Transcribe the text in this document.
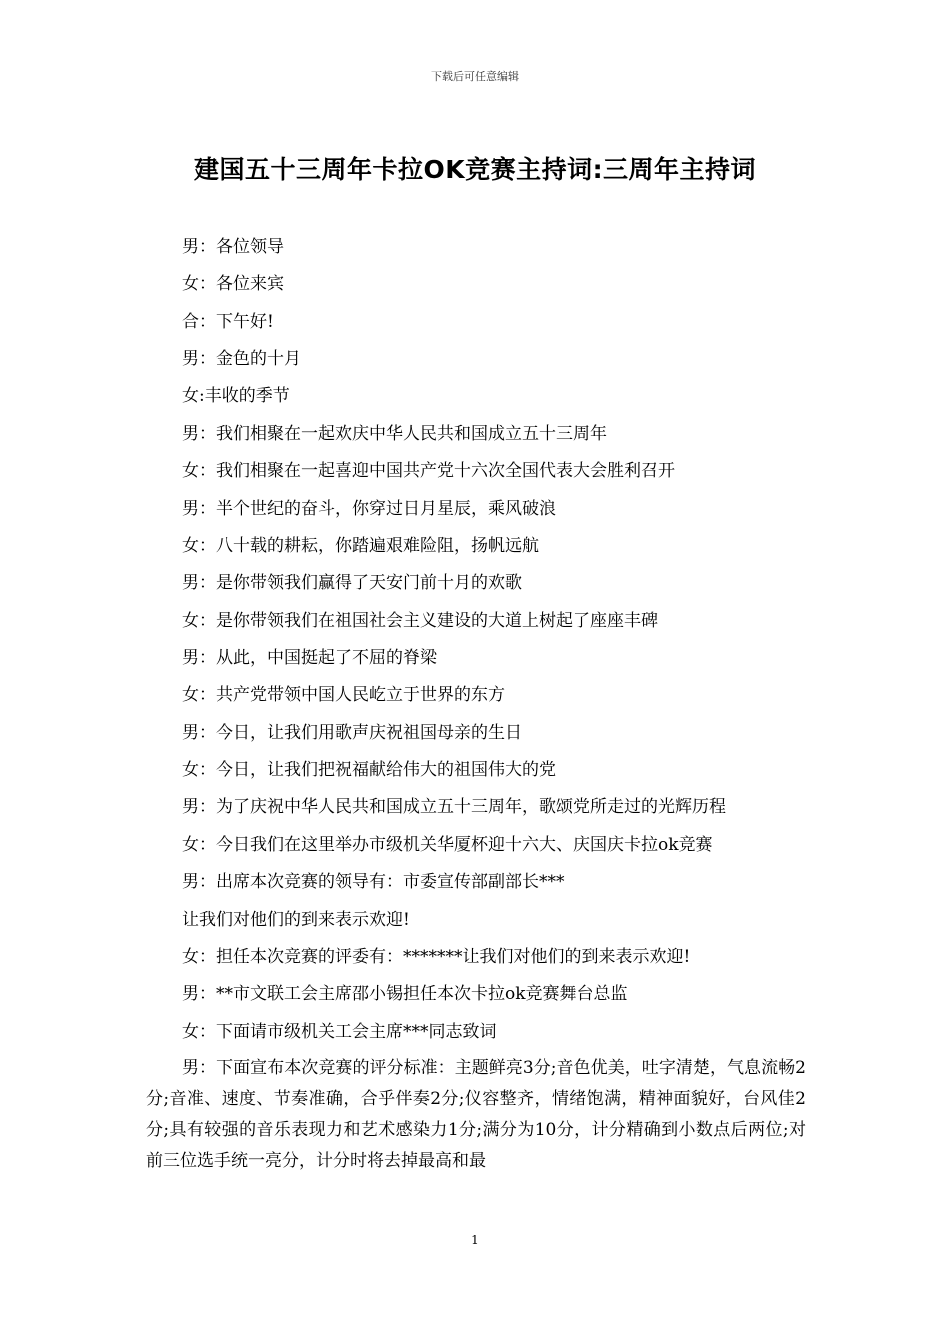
下载后可任意编辑
建国五十三周年卡拉OK竞赛主持词:三周年主持词
男：各位领导
女：各位来宾
合：下午好!
男：金色的十月
女:丰收的季节
男：我们相聚在一起欢庆中华人民共和国成立五十三周年
女：我们相聚在一起喜迎中国共产党十六次全国代表大会胜利召开
男：半个世纪的奋斗，你穿过日月星辰，乘风破浪
女：八十载的耕耘，你踏遍艰难险阻，扬帆远航
男：是你带领我们赢得了天安门前十月的欢歌
女：是你带领我们在祖国社会主义建设的大道上树起了座座丰碑
男：从此，中国挺起了不屈的脊梁
女：共产党带领中国人民屹立于世界的东方
男：今日，让我们用歌声庆祝祖国母亲的生日
女：今日，让我们把祝福献给伟大的祖国伟大的党
男：为了庆祝中华人民共和国成立五十三周年，歌颂党所走过的光辉历程
女：今日我们在这里举办市级机关华厦杯迎十六大、庆国庆卡拉ok竞赛
男：出席本次竞赛的领导有：市委宣传部副部长***
让我们对他们的到来表示欢迎!
女：担任本次竞赛的评委有：*******让我们对他们的到来表示欢迎!
男：**市文联工会主席邵小锡担任本次卡拉ok竞赛舞台总监
女：下面请市级机关工会主席***同志致词

男：下面宣布本次竞赛的评分标准：主题鲜亮3分;音色优美，吐字清楚，气息流畅2分;音准、速度、节奏准确，合乎伴奏2分;仪容整齐，情绪饱满，精神面貌好，台风佳2分;具有较强的音乐表现力和艺术感染力1分;满分为10分，计分精确到小数点后两位;对前三位选手统一亮分，计分时将去掉最高和最

1
